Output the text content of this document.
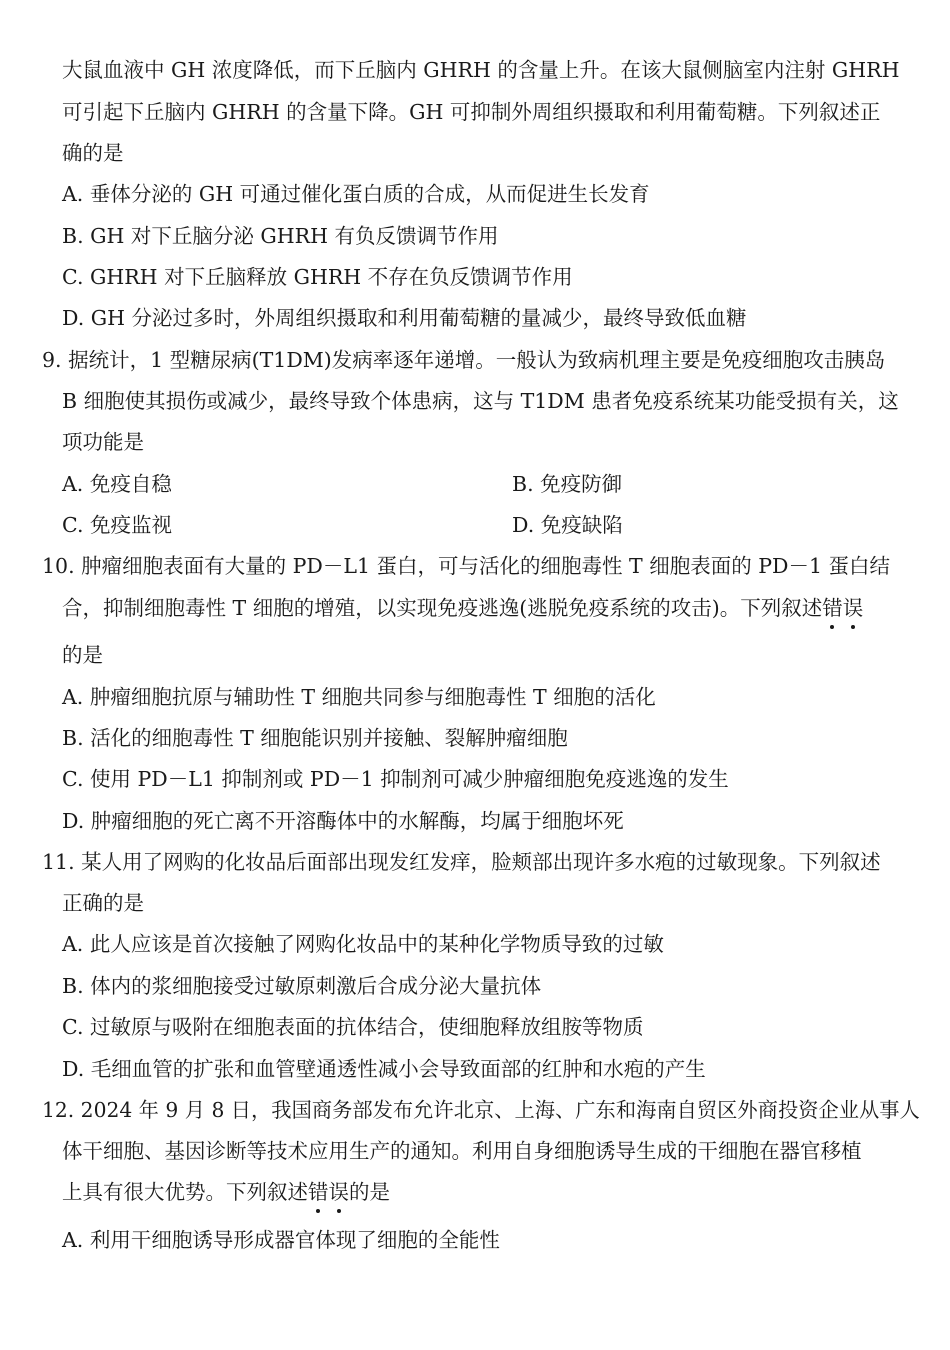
大鼠血液中 GH 浓度降低，而下丘脑内 GHRH 的含量上升。在该大鼠侧脑室内注射 GHRH
可引起下丘脑内 GHRH 的含量下降。GH 可抑制外周组织摄取和利用葡萄糖。下列叙述正
确的是
A. 垂体分泌的 GH 可通过催化蛋白质的合成，从而促进生长发育
B. GH 对下丘脑分泌 GHRH 有负反馈调节作用
C. GHRH 对下丘脑释放 GHRH 不存在负反馈调节作用
D. GH 分泌过多时，外周组织摄取和利用葡萄糖的量减少，最终导致低血糖
9. 据统计，1 型糖尿病(T1DM)发病率逐年递增。一般认为致病机理主要是免疫细胞攻击胰岛
B 细胞使其损伤或减少，最终导致个体患病，这与 T1DM 患者免疫系统某功能受损有关，这
项功能是
A. 免疫自稳	B. 免疫防御
C. 免疫监视	D. 免疫缺陷
10. 肿瘤细胞表面有大量的 PD－L1 蛋白，可与活化的细胞毒性 T 细胞表面的 PD－1 蛋白结
合，抑制细胞毒性 T 细胞的增殖，以实现免疫逃逸(逃脱免疫系统的攻击)。下列叙述错误
的是
A. 肿瘤细胞抗原与辅助性 T 细胞共同参与细胞毒性 T 细胞的活化
B. 活化的细胞毒性 T 细胞能识别并接触、裂解肿瘤细胞
C. 使用 PD－L1 抑制剂或 PD－1 抑制剂可减少肿瘤细胞免疫逃逸的发生
D. 肿瘤细胞的死亡离不开溶酶体中的水解酶，均属于细胞坏死
11. 某人用了网购的化妆品后面部出现发红发痒，脸颊部出现许多水疱的过敏现象。下列叙述
正确的是
A. 此人应该是首次接触了网购化妆品中的某种化学物质导致的过敏
B. 体内的浆细胞接受过敏原刺激后合成分泌大量抗体
C. 过敏原与吸附在细胞表面的抗体结合，使细胞释放组胺等物质
D. 毛细血管的扩张和血管壁通透性减小会导致面部的红肿和水疱的产生
12. 2024 年 9 月 8 日，我国商务部发布允许北京、上海、广东和海南自贸区外商投资企业从事人
体干细胞、基因诊断等技术应用生产的通知。利用自身细胞诱导生成的干细胞在器官移植
上具有很大优势。下列叙述错误的是
A. 利用干细胞诱导形成器官体现了细胞的全能性
